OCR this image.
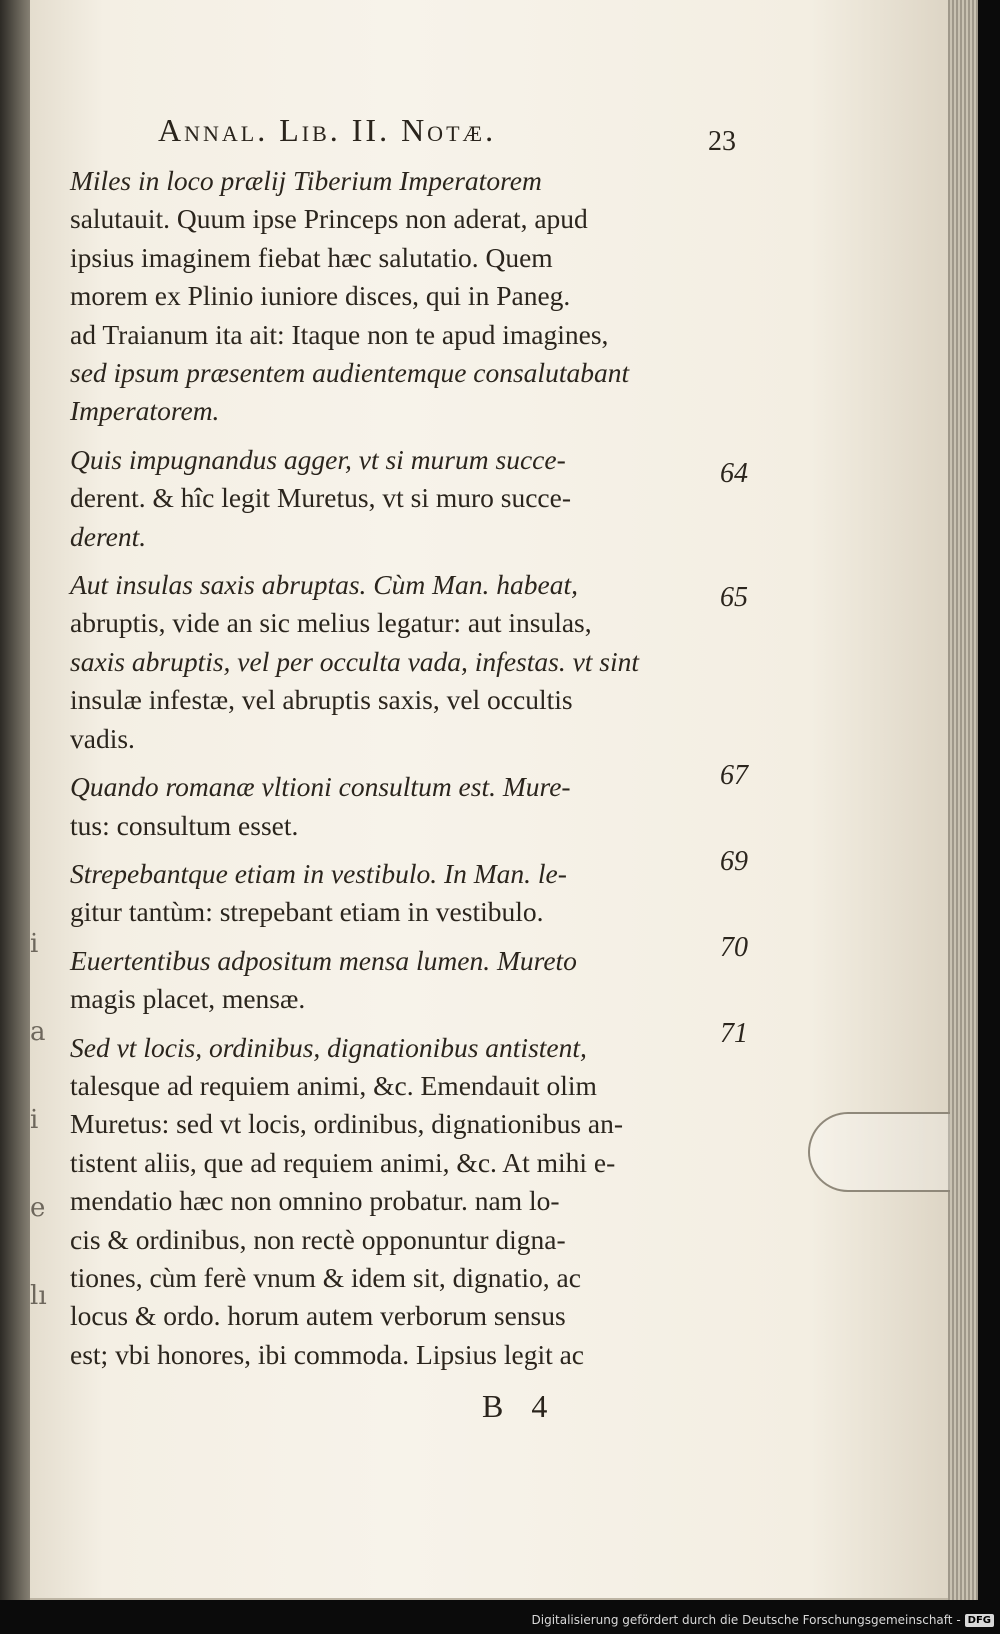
i
a
i
e
lı
Annal. Lib. II. Notæ.	23
Miles in loco prælij Tiberium Imperatorem
salutauit. Quum ipse Princeps non aderat, apud
ipsius imaginem fiebat hæc salutatio. Quem
morem ex Plinio iuniore disces, qui in Paneg.
ad Traianum ita ait: Itaque non te apud imagines,
sed ipsum præsentem audientemque consalutabant
Imperatorem.
Quis impugnandus agger, vt si murum succe-
derent. & hîc legit Muretus, vt si muro succe-
derent.
Aut insulas saxis abruptas. Cùm Man. habeat,
abruptis, vide an sic melius legatur: aut insulas,
saxis abruptis, vel per occulta vada, infestas. vt sint
insulæ infestæ, vel abruptis saxis, vel occultis
vadis.
Quando romanæ vltioni consultum est. Mure-
tus: consultum esset.
Strepebantque etiam in vestibulo. In Man. le-
gitur tantùm: strepebant etiam in vestibulo.
Euertentibus adpositum mensa lumen. Mureto
magis placet, mensæ.
Sed vt locis, ordinibus, dignationibus antistent,
talesque ad requiem animi, &c. Emendauit olim
Muretus: sed vt locis, ordinibus, dignationibus an-
tistent aliis, que ad requiem animi, &c. At mihi e-
mendatio hæc non omnino probatur. nam lo-
cis & ordinibus, non rectè opponuntur digna-
tiones, cùm ferè vnum & idem sit, dignatio, ac
locus & ordo. horum autem verborum sensus
est; vbi honores, ibi commoda. Lipsius legit ac
64
65
67
69
70
71
B 4
Digitalisierung gefördert durch die Deutsche Forschungsgemeinschaft - DFG
